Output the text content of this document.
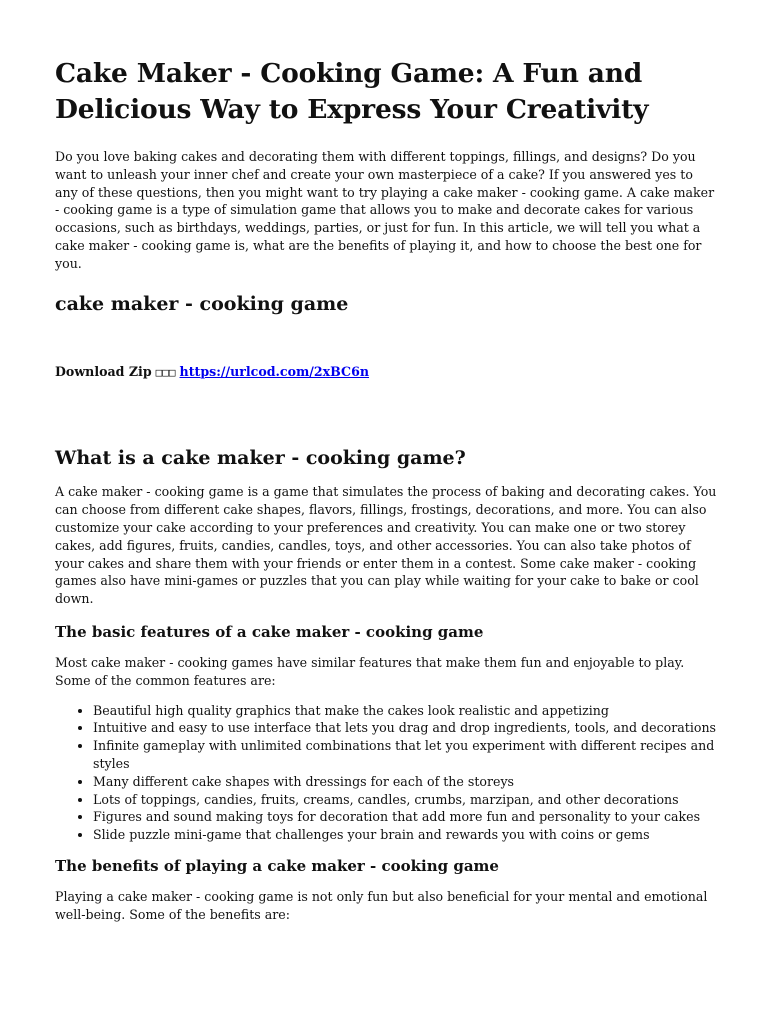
Cake Maker - Cooking Game: A Fun and Delicious Way to Express Your Creativity

Do you love baking cakes and decorating them with different toppings, fillings, and designs? Do you want to unleash your inner chef and create your own masterpiece of a cake? If you answered yes to any of these questions, then you might want to try playing a cake maker - cooking game. A cake maker - cooking game is a type of simulation game that allows you to make and decorate cakes for various occasions, such as birthdays, weddings, parties, or just for fun. In this article, we will tell you what a cake maker - cooking game is, what are the benefits of playing it, and how to choose the best one for you.

cake maker - cooking game
Download Zip □□□ https://urlcod.com/2xBC6n
What is a cake maker - cooking game?

A cake maker - cooking game is a game that simulates the process of baking and decorating cakes. You can choose from different cake shapes, flavors, fillings, frostings, decorations, and more. You can also customize your cake according to your preferences and creativity. You can make one or two storey cakes, add figures, fruits, candies, candles, toys, and other accessories. You can also take photos of your cakes and share them with your friends or enter them in a contest. Some cake maker - cooking games also have mini-games or puzzles that you can play while waiting for your cake to bake or cool down.

The basic features of a cake maker - cooking game

Most cake maker - cooking games have similar features that make them fun and enjoyable to play. Some of the common features are:

• Beautiful high quality graphics that make the cakes look realistic and appetizing
• Intuitive and easy to use interface that lets you drag and drop ingredients, tools, and decorations
• Infinite gameplay with unlimited combinations that let you experiment with different recipes and styles
• Many different cake shapes with dressings for each of the storeys
• Lots of toppings, candies, fruits, creams, candles, crumbs, marzipan, and other decorations
• Figures and sound making toys for decoration that add more fun and personality to your cakes
• Slide puzzle mini-game that challenges your brain and rewards you with coins or gems
The benefits of playing a cake maker - cooking game

Playing a cake maker - cooking game is not only fun but also beneficial for your mental and emotional well-being. Some of the benefits are:
